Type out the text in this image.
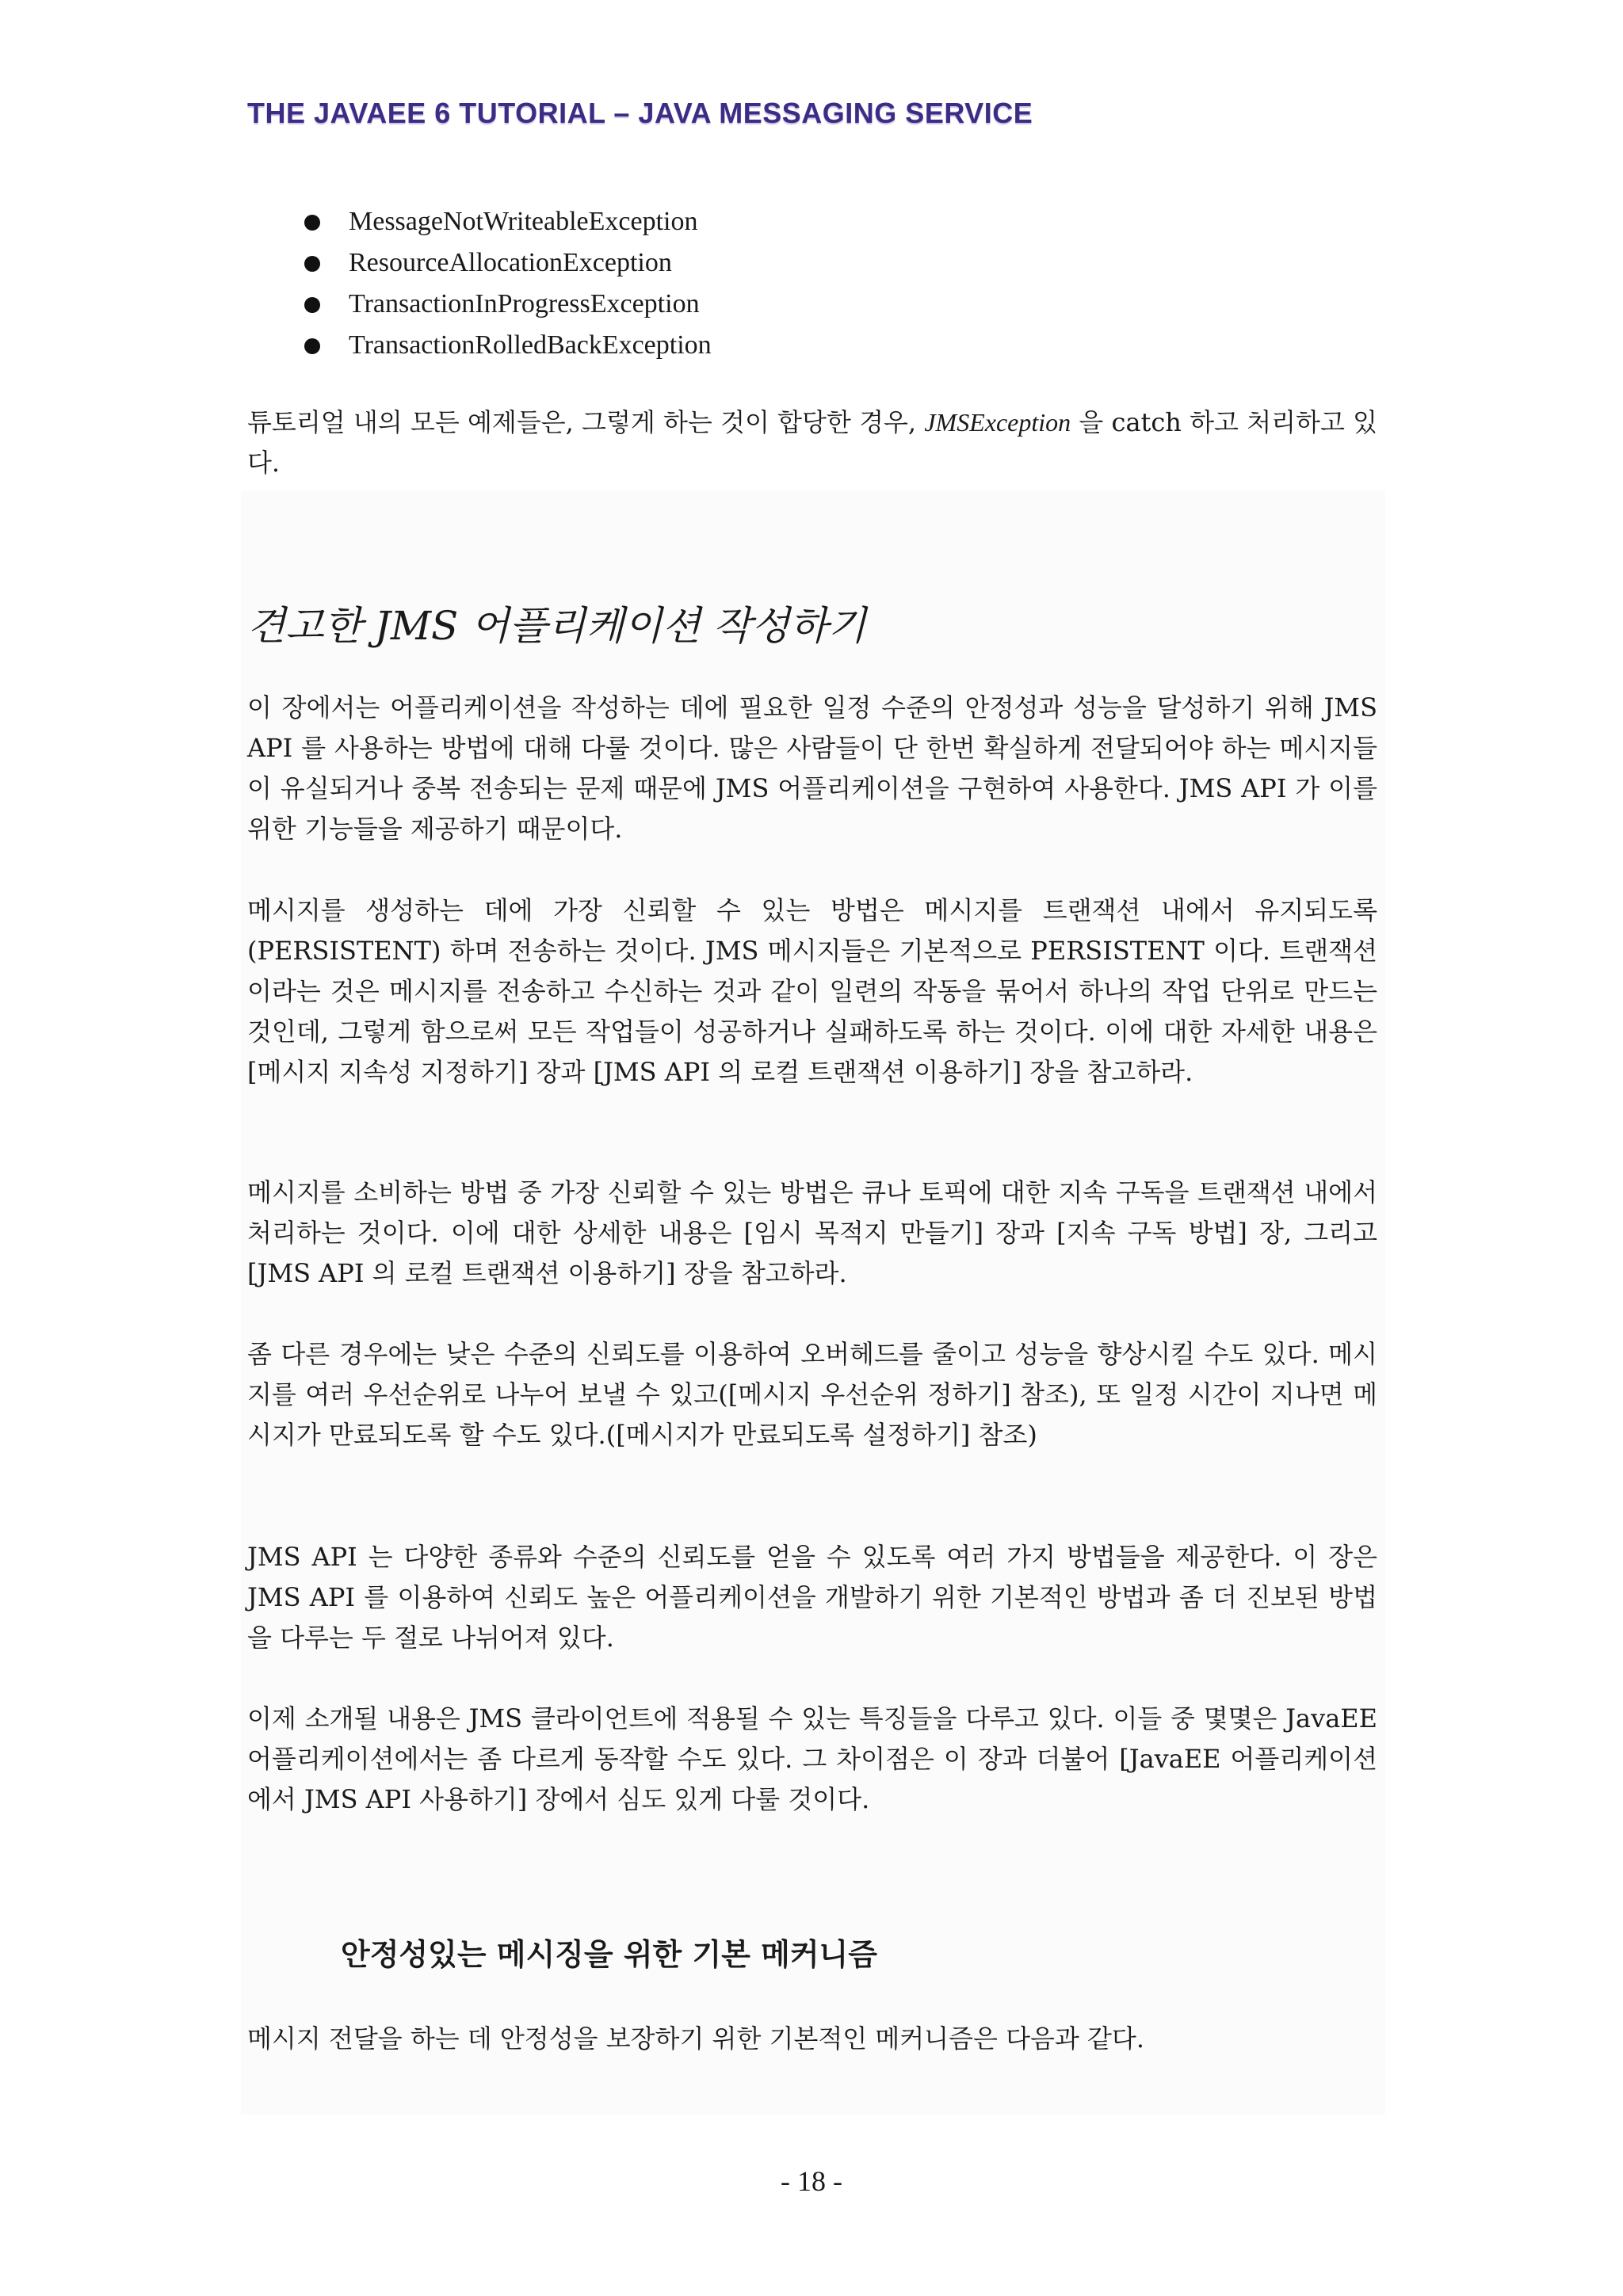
THE JAVAEE 6 TUTORIAL – JAVA MESSAGING SERVICE
MessageNotWriteableException
ResourceAllocationException
TransactionInProgressException
TransactionRolledBackException

튜토리얼 내의 모든 예제들은, 그렇게 하는 것이 합당한 경우, JMSException 을 catch 하고 처리하고 있다.

견고한 JMS 어플리케이션 작성하기

이 장에서는 어플리케이션을 작성하는 데에 필요한 일정 수준의 안정성과 성능을 달성하기 위해 JMS API 를 사용하는 방법에 대해 다룰 것이다. 많은 사람들이 단 한번 확실하게 전달되어야 하는 메시지들이 유실되거나 중복 전송되는 문제 때문에 JMS 어플리케이션을 구현하여 사용한다. JMS API 가 이를 위한 기능들을 제공하기 때문이다.

메시지를 생성하는 데에 가장 신뢰할 수 있는 방법은 메시지를 트랜잭션 내에서 유지되도록(PERSISTENT) 하며 전송하는 것이다. JMS 메시지들은 기본적으로 PERSISTENT 이다. 트랜잭션이라는 것은 메시지를 전송하고 수신하는 것과 같이 일련의 작동을 묶어서 하나의 작업 단위로 만드는 것인데, 그렇게 함으로써 모든 작업들이 성공하거나 실패하도록 하는 것이다. 이에 대한 자세한 내용은 [메시지 지속성 지정하기] 장과 [JMS API 의 로컬 트랜잭션 이용하기] 장을 참고하라.

메시지를 소비하는 방법 중 가장 신뢰할 수 있는 방법은 큐나 토픽에 대한 지속 구독을 트랜잭션 내에서 처리하는 것이다. 이에 대한 상세한 내용은 [임시 목적지 만들기] 장과 [지속 구독 방법] 장, 그리고 [JMS API 의 로컬 트랜잭션 이용하기] 장을 참고하라.

좀 다른 경우에는 낮은 수준의 신뢰도를 이용하여 오버헤드를 줄이고 성능을 향상시킬 수도 있다. 메시지를 여러 우선순위로 나누어 보낼 수 있고([메시지 우선순위 정하기] 참조), 또 일정 시간이 지나면 메시지가 만료되도록 할 수도 있다.([메시지가 만료되도록 설정하기] 참조)

JMS API 는 다양한 종류와 수준의 신뢰도를 얻을 수 있도록 여러 가지 방법들을 제공한다. 이 장은 JMS API 를 이용하여 신뢰도 높은 어플리케이션을 개발하기 위한 기본적인 방법과 좀 더 진보된 방법을 다루는 두 절로 나뉘어져 있다.

이제 소개될 내용은 JMS 클라이언트에 적용될 수 있는 특징들을 다루고 있다. 이들 중 몇몇은 JavaEE 어플리케이션에서는 좀 다르게 동작할 수도 있다. 그 차이점은 이 장과 더불어 [JavaEE 어플리케이션에서 JMS API 사용하기] 장에서 심도 있게 다룰 것이다.

안정성있는 메시징을 위한 기본 메커니즘

메시지 전달을 하는 데 안정성을 보장하기 위한 기본적인 메커니즘은 다음과 같다.

- 18 -
